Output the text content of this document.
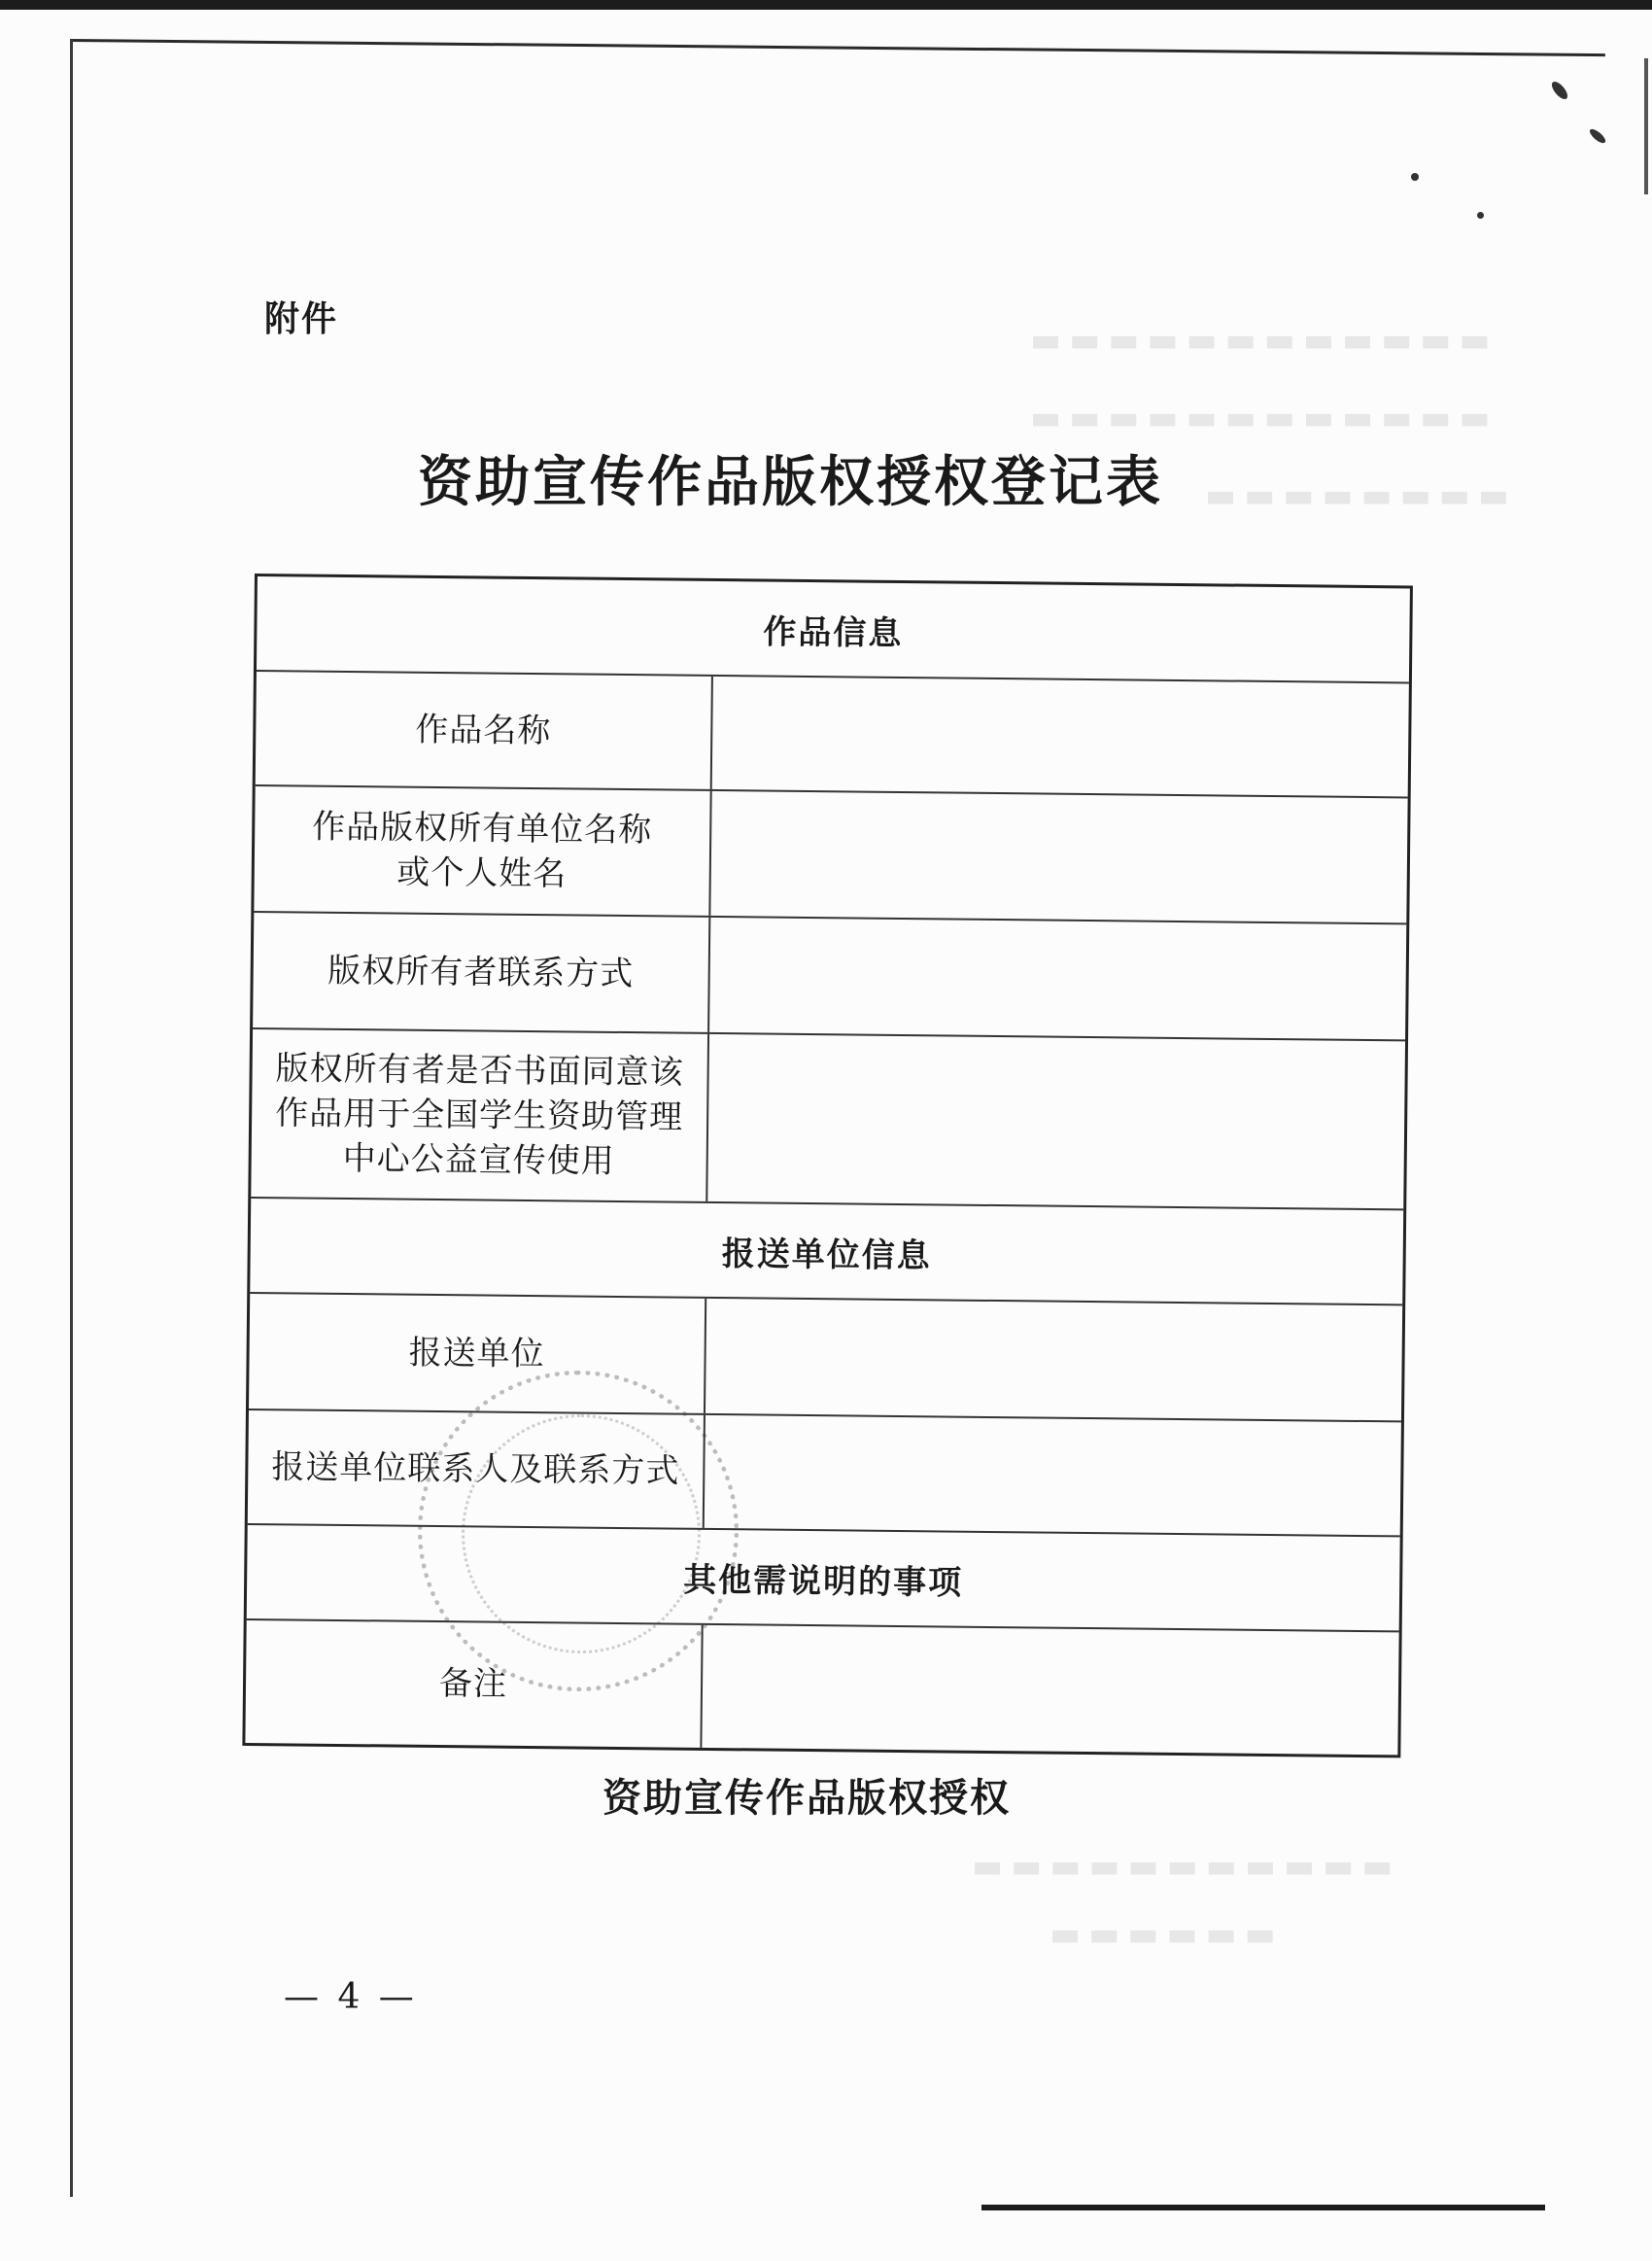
▬▬▬▬▬▬▬▬▬▬▬▬
▬▬▬▬▬▬▬▬▬▬▬▬
▬▬▬▬▬▬▬▬
▬▬▬▬▬▬▬▬▬▬▬
▬▬▬▬▬▬
附件
资助宣传作品版权授权登记表
作品信息
作品名称
作品版权所有单位名称
或个人姓名
版权所有者联系方式
版权所有者是否书面同意该
作品用于全国学生资助管理
中心公益宣传使用
报送单位信息
报送单位
报送单位联系人及联系方式
其他需说明的事项
备注
资助宣传作品版权授权
— 4 —
